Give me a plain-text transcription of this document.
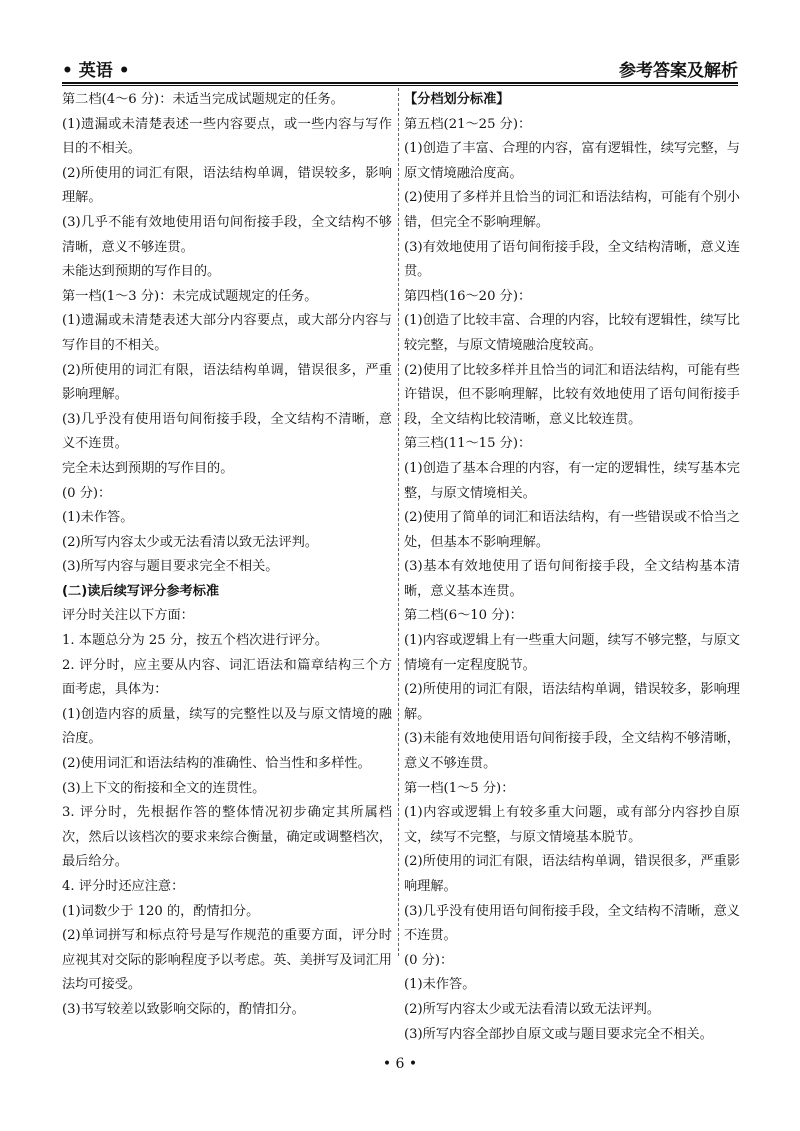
• 英语 •	参考答案及解析

第二档(4～6 分)：未适当完成试题规定的任务。

(1)遗漏或未清楚表述一些内容要点，或一些内容与写作目的不相关。

(2)所使用的词汇有限，语法结构单调，错误较多，影响理解。

(3)几乎不能有效地使用语句间衔接手段，全文结构不够清晰，意义不够连贯。

未能达到预期的写作目的。

第一档(1～3 分)：未完成试题规定的任务。

(1)遗漏或未清楚表述大部分内容要点，或大部分内容与写作目的不相关。

(2)所使用的词汇有限，语法结构单调，错误很多，严重影响理解。

(3)几乎没有使用语句间衔接手段，全文结构不清晰，意义不连贯。

完全未达到预期的写作目的。

(0 分)：

(1)未作答。

(2)所写内容太少或无法看清以致无法评判。

(3)所写内容与题目要求完全不相关。

(二)读后续写评分参考标准

评分时关注以下方面：

1. 本题总分为 25 分，按五个档次进行评分。

2. 评分时，应主要从内容、词汇语法和篇章结构三个方面考虑，具体为：

(1)创造内容的质量，续写的完整性以及与原文情境的融洽度。

(2)使用词汇和语法结构的准确性、恰当性和多样性。

(3)上下文的衔接和全文的连贯性。

3. 评分时，先根据作答的整体情况初步确定其所属档次，然后以该档次的要求来综合衡量，确定或调整档次，最后给分。

4. 评分时还应注意：

(1)词数少于 120 的，酌情扣分。

(2)单词拼写和标点符号是写作规范的重要方面，评分时应视其对交际的影响程度予以考虑。英、美拼写及词汇用法均可接受。

(3)书写较差以致影响交际的，酌情扣分。

【分档划分标准】

第五档(21～25 分)：

(1)创造了丰富、合理的内容，富有逻辑性，续写完整，与原文情境融洽度高。

(2)使用了多样并且恰当的词汇和语法结构，可能有个别小错，但完全不影响理解。

(3)有效地使用了语句间衔接手段，全文结构清晰，意义连贯。

第四档(16～20 分)：

(1)创造了比较丰富、合理的内容，比较有逻辑性，续写比较完整，与原文情境融洽度较高。

(2)使用了比较多样并且恰当的词汇和语法结构，可能有些许错误，但不影响理解，比较有效地使用了语句间衔接手段，全文结构比较清晰，意义比较连贯。

第三档(11～15 分)：

(1)创造了基本合理的内容，有一定的逻辑性，续写基本完整，与原文情境相关。

(2)使用了简单的词汇和语法结构，有一些错误或不恰当之处，但基本不影响理解。

(3)基本有效地使用了语句间衔接手段，全文结构基本清晰，意义基本连贯。

第二档(6～10 分)：

(1)内容或逻辑上有一些重大问题，续写不够完整，与原文情境有一定程度脱节。

(2)所使用的词汇有限，语法结构单调，错误较多，影响理解。

(3)未能有效地使用语句间衔接手段，全文结构不够清晰，意义不够连贯。

第一档(1～5 分)：

(1)内容或逻辑上有较多重大问题，或有部分内容抄自原文，续写不完整，与原文情境基本脱节。

(2)所使用的词汇有限，语法结构单调，错误很多，严重影响理解。

(3)几乎没有使用语句间衔接手段，全文结构不清晰，意义不连贯。

(0 分)：

(1)未作答。

(2)所写内容太少或无法看清以致无法评判。

(3)所写内容全部抄自原文或与题目要求完全不相关。

• 6 •
